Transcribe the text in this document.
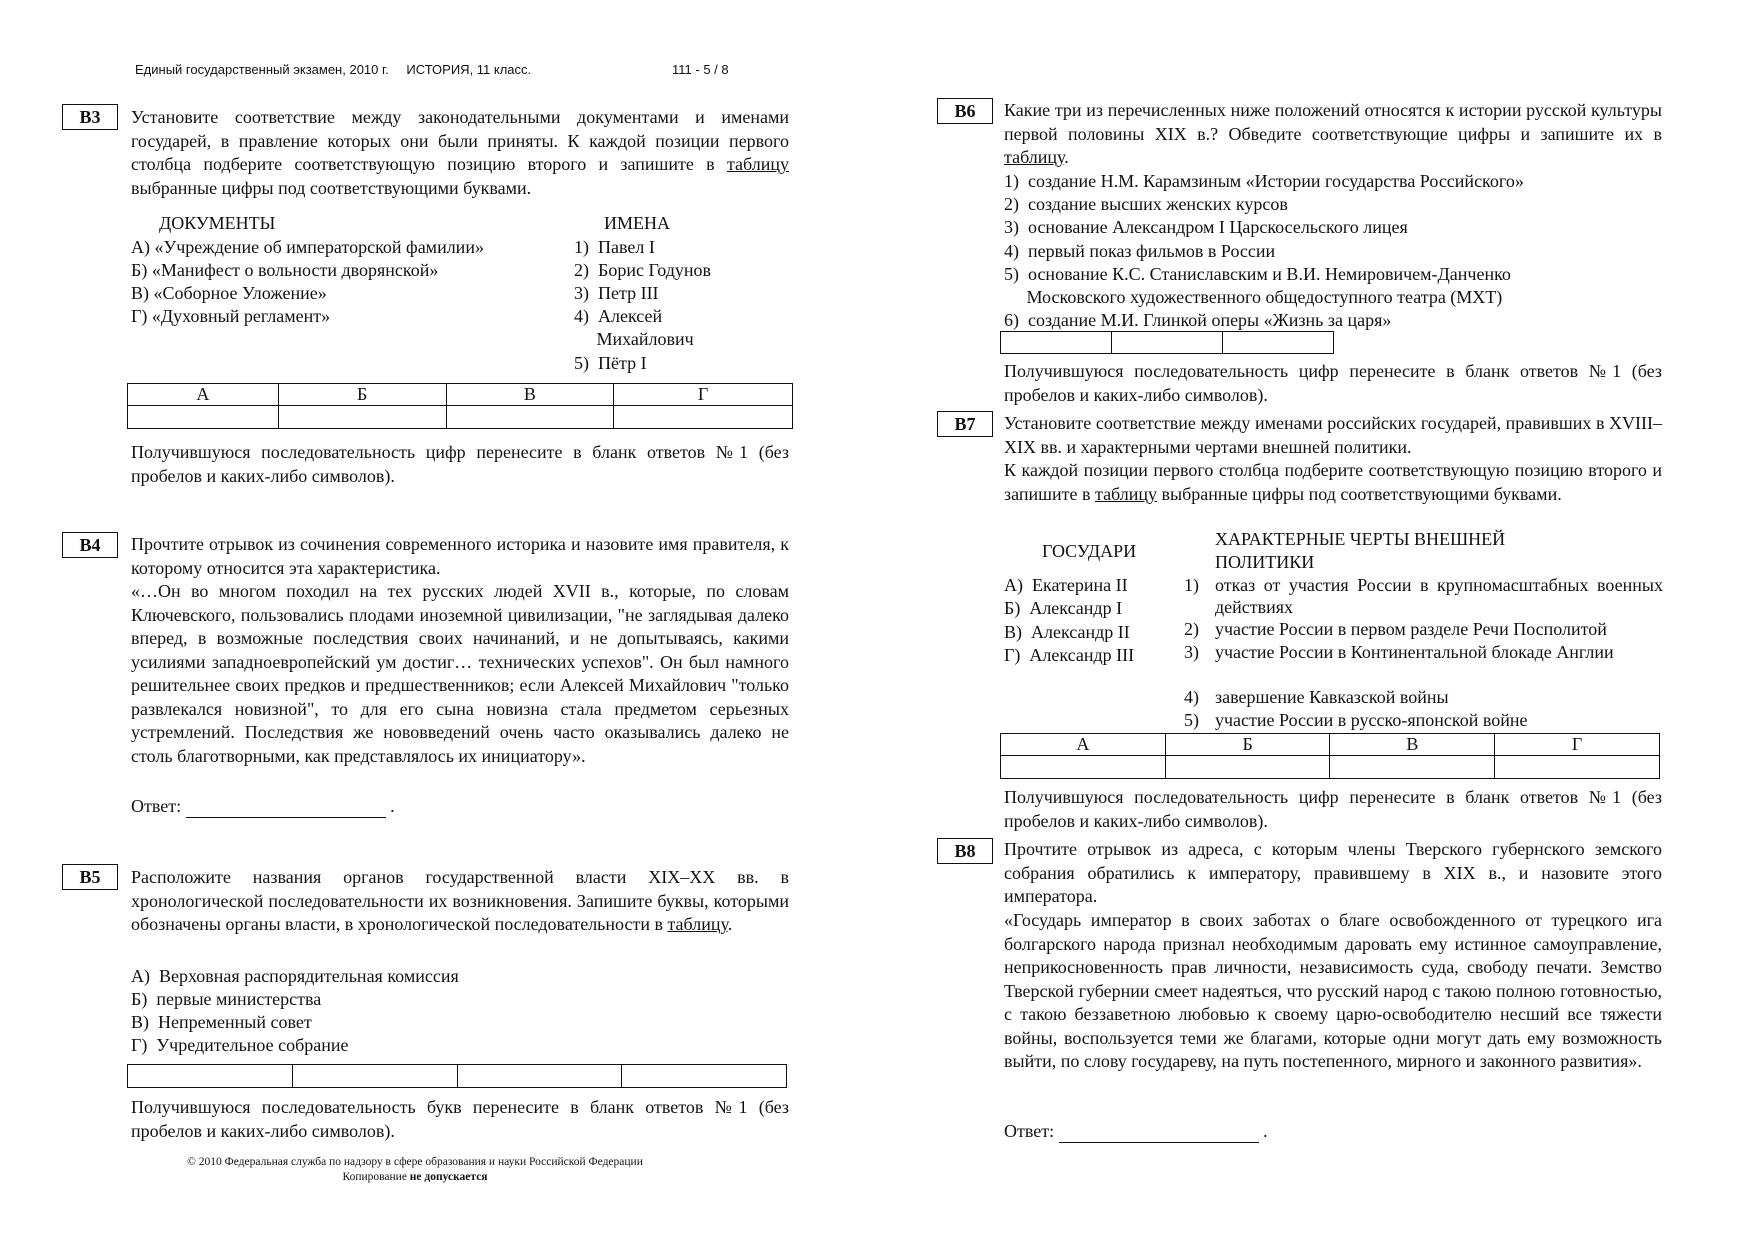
Единый государственный экзамен, 2010 г. ИСТОРИЯ, 11 класс.	111 - 5 / 8
B3	Установите соответствие между законодательными документами и именами государей, в правление которых они были приняты. К каждой позиции первого столбца подберите соответствующую позицию второго и запишите в таблицу выбранные цифры под соответствующими буквами.
ДОКУМЕНТЫ	ИМЕНА
А) «Учреждение об императорской фамилии»
Б) «Манифест о вольности дворянской»
В) «Соборное Уложение»
Г) «Духовный регламент»
1)  Павел I
2)  Борис Годунов
3)  Петр III
4)  Алексей
Михайлович
5)  Пётр I
А	Б	В	Г

Получившуюся последовательность цифр перенесите в бланк ответов №1 (без пробелов и каких-либо символов).
B4	Прочтите отрывок из сочинения современного историка и назовите имя правителя, к которому относится эта характеристика.
«…Он во многом походил на тех русских людей XVII в., которые, по словам Ключевского, пользовались плодами иноземной цивилизации, "не заглядывая далеко вперед, в возможные последствия своих начинаний, и не допытываясь, какими усилиями западноевропейский ум достиг… технических успехов". Он был намного решительнее своих предков и предшественников; если Алексей Михайлович "только развлекался новизной", то для его сына новизна стала предметом серьезных устремлений. Последствия же нововведений очень часто оказывались далеко не столь благотворными, как представлялось их инициатору».
Ответ:	.
B5	Расположите названия органов государственной власти XIX–XX вв. в хронологической последовательности их возникновения. Запишите буквы, которыми обозначены органы власти, в хронологической последовательности в таблицу.
А)  Верховная распорядительная комиссия
Б)  первые министерства
В)  Непременный совет
Г)  Учредительное собрание

Получившуюся последовательность букв перенесите в бланк ответов №1 (без пробелов и каких-либо символов).
© 2010 Федеральная служба по надзору в сфере образования и науки Российской Федерации
Копирование не допускается
B6	Какие три из перечисленных ниже положений относятся к истории русской культуры первой половины XIX в.? Обведите соответствующие цифры и запишите их в таблицу.
1)  создание Н.М. Карамзиным «Истории государства Российского»
2)  создание высших женских курсов
3)  основание Александром I Царскосельского лицея
4)  первый показ фильмов в России
5)  основание К.С. Станиславским и В.И. Немировичем-Данченко
Московского художественного общедоступного театра (МХТ)
6)  создание М.И. Глинкой оперы «Жизнь за царя»

Получившуюся последовательность цифр перенесите в бланк ответов №1 (без пробелов и каких-либо символов).
B7	Установите соответствие между именами российских государей, правивших в XVIII–XIX вв. и характерными чертами внешней политики.
К каждой позиции первого столбца подберите соответствующую позицию второго и запишите в таблицу выбранные цифры под соответствующими буквами.
ГОСУДАРИ
ХАРАКТЕРНЫЕ ЧЕРТЫ ВНЕШНЕЙ ПОЛИТИКИ
А)  Екатерина II
Б)  Александр I
В)  Александр II
Г)  Александр III
1) отказ от участия России в крупномасштабных военных действиях
2) участие России в первом разделе Речи Посполитой
3) участие России в Континентальной блокаде Англии
4) завершение Кавказской войны
5) участие России в русско-японской войне
А	Б	В	Г

Получившуюся последовательность цифр перенесите в бланк ответов №1 (без пробелов и каких-либо символов).
B8	Прочтите отрывок из адреса, с которым члены Тверского губернского земского собрания обратились к императору, правившему в XIX в., и назовите этого императора.
«Государь император в своих заботах о благе освобожденного от турецкого ига болгарского народа признал необходимым даровать ему истинное самоуправление, неприкосновенность прав личности, независимость суда, свободу печати. Земство Тверской губернии смеет надеяться, что русский народ с такою полною готовностью, с такою беззаветною любовью к своему царю-освободителю несший все тяжести войны, воспользуется теми же благами, которые одни могут дать ему возможность выйти, по слову государеву, на путь постепенного, мирного и законного развития».
Ответ:	.
